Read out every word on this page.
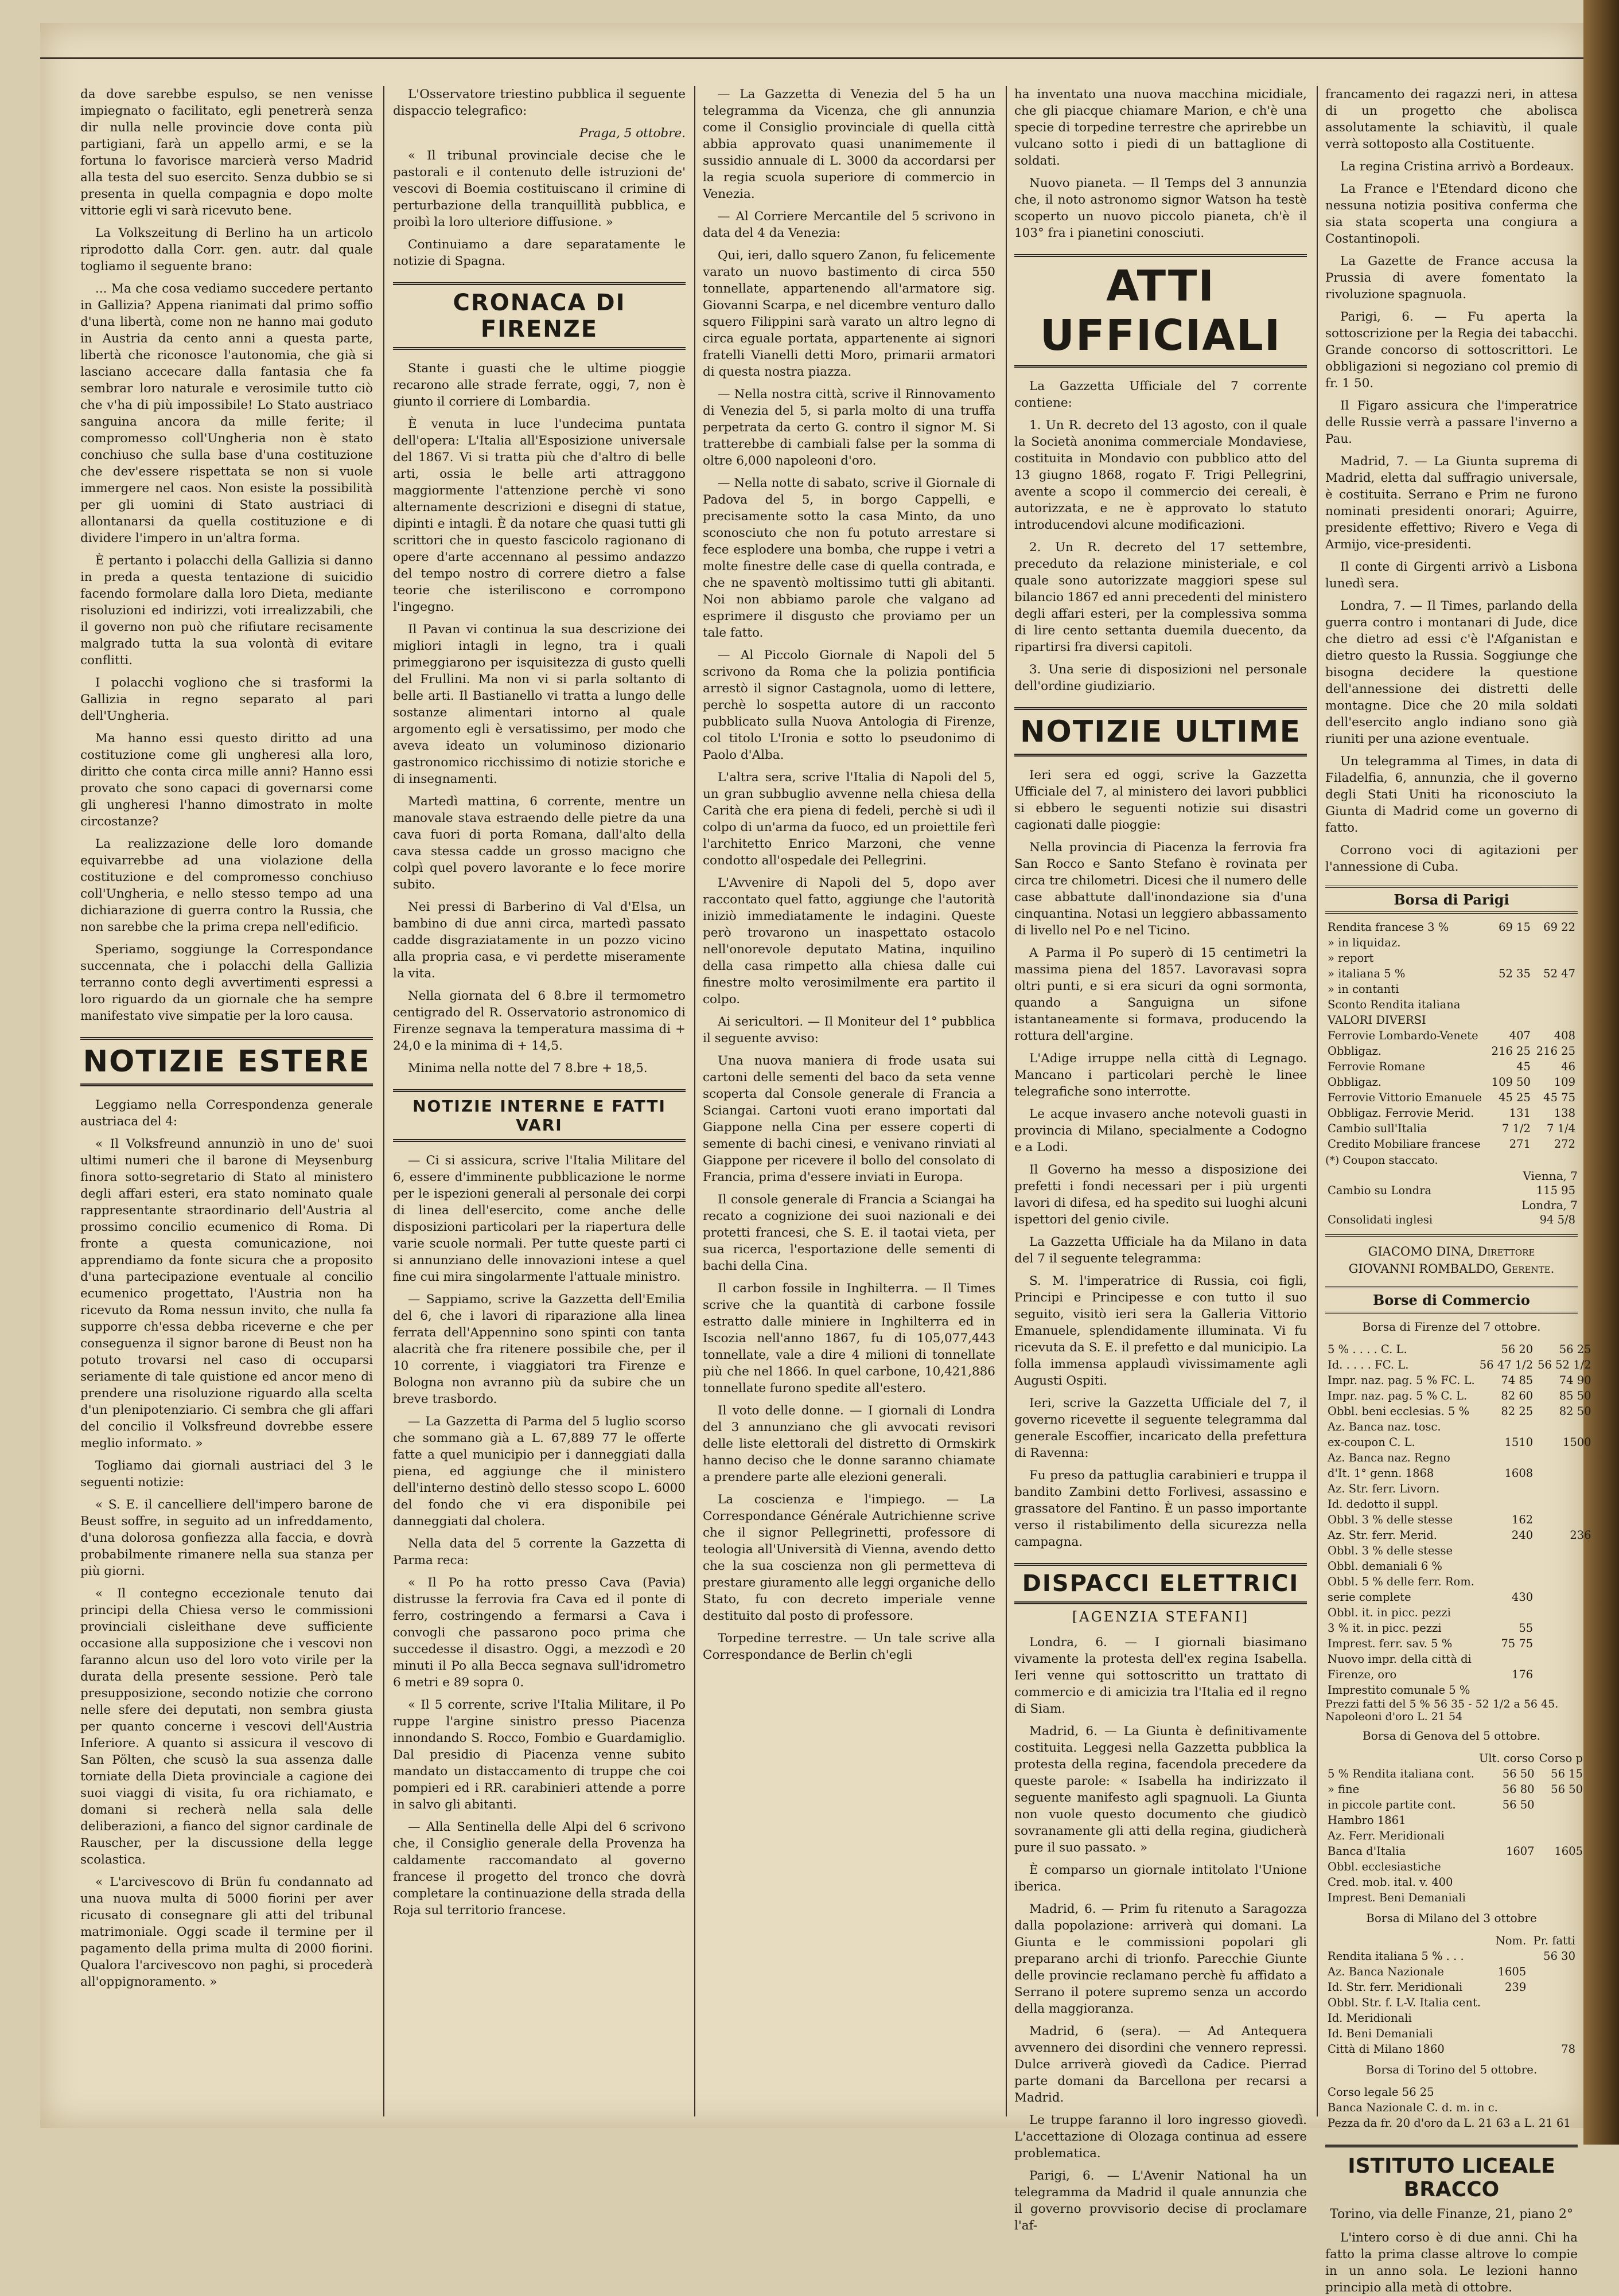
da dove sarebbe espulso, se nen venisse impiegnato o facilitato, egli penetrerà senza dir nulla nelle provincie dove conta più partigiani, farà un appello armi, e se la fortuna lo favorisce marcierà verso Madrid alla testa del suo esercito. Senza dubbio se si presenta in quella compagnia e dopo molte vittorie egli vi sarà ricevuto bene.

La Volkszeitung di Berlino ha un articolo riprodotto dalla Corr. gen. autr. dal quale togliamo il seguente brano:

... Ma che cosa vediamo succedere pertanto in Gallizia? Appena rianimati dal primo soffio d'una libertà, come non ne hanno mai goduto in Austria da cento anni a questa parte, libertà che riconosce l'autonomia, che già si lasciano accecare dalla fantasia che fa sembrar loro naturale e verosimile tutto ciò che v'ha di più impossibile! Lo Stato austriaco sanguina ancora da mille ferite; il compromesso coll'Ungheria non è stato conchiuso che sulla base d'una costituzione che dev'essere rispettata se non si vuole immergere nel caos. Non esiste la possibilità per gli uomini di Stato austriaci di allontanarsi da quella costituzione e di dividere l'impero in un'altra forma.

È pertanto i polacchi della Gallizia si danno in preda a questa tentazione di suicidio facendo formolare dalla loro Dieta, mediante risoluzioni ed indirizzi, voti irrealizzabili, che il governo non può che rifiutare recisamente malgrado tutta la sua volontà di evitare conflitti.

I polacchi vogliono che si trasformi la Gallizia in regno separato al pari dell'Ungheria.

Ma hanno essi questo diritto ad una costituzione come gli ungheresi alla loro, diritto che conta circa mille anni? Hanno essi provato che sono capaci di governarsi come gli ungheresi l'hanno dimostrato in molte circostanze?

La realizzazione delle loro domande equivarrebbe ad una violazione della costituzione e del compromesso conchiuso coll'Ungheria, e nello stesso tempo ad una dichiarazione di guerra contro la Russia, che non sarebbe che la prima crepa nell'edificio.

Speriamo, soggiunge la Correspondance succennata, che i polacchi della Gallizia terranno conto degli avvertimenti espressi a loro riguardo da un giornale che ha sempre manifestato vive simpatie per la loro causa.

NOTIZIE ESTERE

Leggiamo nella Correspondenza generale austriaca del 4:

« Il Volksfreund annunziò in uno de' suoi ultimi numeri che il barone di Meysenburg finora sotto-segretario di Stato al ministero degli affari esteri, era stato nominato quale rappresentante straordinario dell'Austria al prossimo concilio ecumenico di Roma. Di fronte a questa comunicazione, noi apprendiamo da fonte sicura che a proposito d'una partecipazione eventuale al concilio ecumenico progettato, l'Austria non ha ricevuto da Roma nessun invito, che nulla fa supporre ch'essa debba riceverne e che per conseguenza il signor barone di Beust non ha potuto trovarsi nel caso di occuparsi seriamente di tale quistione ed ancor meno di prendere una risoluzione riguardo alla scelta d'un plenipotenziario. Ci sembra che gli affari del concilio il Volksfreund dovrebbe essere meglio informato. »

Togliamo dai giornali austriaci del 3 le seguenti notizie:

« S. E. il cancelliere dell'impero barone de Beust soffre, in seguito ad un infreddamento, d'una dolorosa gonfiezza alla faccia, e dovrà probabilmente rimanere nella sua stanza per più giorni.

« Il contegno eccezionale tenuto dai principi della Chiesa verso le commissioni provinciali cisleithane deve sufficiente occasione alla supposizione che i vescovi non faranno alcun uso del loro voto virile per la durata della presente sessione. Però tale presupposizione, secondo notizie che corrono nelle sfere dei deputati, non sembra giusta per quanto concerne i vescovi dell'Austria Inferiore. A quanto si assicura il vescovo di San Pölten, che scusò la sua assenza dalle torniate della Dieta provinciale a cagione dei suoi viaggi di visita, fu ora richiamato, e domani si recherà nella sala delle deliberazioni, a fianco del signor cardinale de Rauscher, per la discussione della legge scolastica.

« L'arcivescovo di Brün fu condannato ad una nuova multa di 5000 fiorini per aver ricusato di consegnare gli atti del tribunal matrimoniale. Oggi scade il termine per il pagamento della prima multa di 2000 fiorini. Qualora l'arcivescovo non paghi, si procederà all'oppignoramento. »

L'Osservatore triestino pubblica il seguente dispaccio telegrafico:

Praga, 5 ottobre.

« Il tribunal provinciale decise che le pastorali e il contenuto delle istruzioni de' vescovi di Boemia costituiscano il crimine di perturbazione della tranquillità pubblica, e proibì la loro ulteriore diffusione. »

Continuiamo a dare separatamente le notizie di Spagna.

CRONACA DI FIRENZE

Stante i guasti che le ultime pioggie recarono alle strade ferrate, oggi, 7, non è giunto il corriere di Lombardia.

È venuta in luce l'undecima puntata dell'opera: L'Italia all'Esposizione universale del 1867. Vi si tratta più che d'altro di belle arti, ossia le belle arti attraggono maggiormente l'attenzione perchè vi sono alternamente descrizioni e disegni di statue, dipinti e intagli. È da notare che quasi tutti gli scrittori che in questo fascicolo ragionano di opere d'arte accennano al pessimo andazzo del tempo nostro di correre dietro a false teorie che isteriliscono e corrompono l'ingegno.

Il Pavan vi continua la sua descrizione dei migliori intagli in legno, tra i quali primeggiarono per isquisitezza di gusto quelli del Frullini. Ma non vi si parla soltanto di belle arti. Il Bastianello vi tratta a lungo delle sostanze alimentari intorno al quale argomento egli è versatissimo, per modo che aveva ideato un voluminoso dizionario gastronomico ricchissimo di notizie storiche e di insegnamenti.

Martedì mattina, 6 corrente, mentre un manovale stava estraendo delle pietre da una cava fuori di porta Romana, dall'alto della cava stessa cadde un grosso macigno che colpì quel povero lavorante e lo fece morire subito.

Nei pressi di Barberino di Val d'Elsa, un bambino di due anni circa, martedì passato cadde disgraziatamente in un pozzo vicino alla propria casa, e vi perdette miseramente la vita.

Nella giornata del 6 8.bre il termometro centigrado del R. Osservatorio astronomico di Firenze segnava la temperatura massima di + 24,0 e la minima di + 14,5.

Minima nella notte del 7 8.bre + 18,5.

NOTIZIE INTERNE E FATTI VARI

— Ci si assicura, scrive l'Italia Militare del 6, essere d'imminente pubblicazione le norme per le ispezioni generali al personale dei corpi di linea dell'esercito, come anche delle disposizioni particolari per la riapertura delle varie scuole normali. Per tutte queste parti ci si annunziano delle innovazioni intese a quel fine cui mira singolarmente l'attuale ministro.

— Sappiamo, scrive la Gazzetta dell'Emilia del 6, che i lavori di riparazione alla linea ferrata dell'Appennino sono spinti con tanta alacrità che fra ritenere possibile che, per il 10 corrente, i viaggiatori tra Firenze e Bologna non avranno più da subire che un breve trasbordo.

— La Gazzetta di Parma del 5 luglio scorso che sommano già a L. 67,889 77 le offerte fatte a quel municipio per i danneggiati dalla piena, ed aggiunge che il ministero dell'interno destinò dello stesso scopo L. 6000 del fondo che vi era disponibile pei danneggiati dal cholera.

Nella data del 5 corrente la Gazzetta di Parma reca:

« Il Po ha rotto presso Cava (Pavia) distrusse la ferrovia fra Cava ed il ponte di ferro, costringendo a fermarsi a Cava i convogli che passarono poco prima che succedesse il disastro. Oggi, a mezzodì e 20 minuti il Po alla Becca segnava sull'idrometro 6 metri e 89 sopra 0.

« Il 5 corrente, scrive l'Italia Militare, il Po ruppe l'argine sinistro presso Piacenza innondando S. Rocco, Fombio e Guardamiglio. Dal presidio di Piacenza venne subito mandato un distaccamento di truppe che coi pompieri ed i RR. carabinieri attende a porre in salvo gli abitanti.

— Alla Sentinella delle Alpi del 6 scrivono che, il Consiglio generale della Provenza ha caldamente raccomandato al governo francese il progetto del tronco che dovrà completare la continuazione della strada della Roja sul territorio francese.

— La Gazzetta di Venezia del 5 ha un telegramma da Vicenza, che gli annunzia come il Consiglio provinciale di quella città abbia approvato quasi unanimemente il sussidio annuale di L. 3000 da accordarsi per la regia scuola superiore di commercio in Venezia.

— Al Corriere Mercantile del 5 scrivono in data del 4 da Venezia:

Qui, ieri, dallo squero Zanon, fu felicemente varato un nuovo bastimento di circa 550 tonnellate, appartenendo all'armatore sig. Giovanni Scarpa, e nel dicembre venturo dallo squero Filippini sarà varato un altro legno di circa eguale portata, appartenente ai signori fratelli Vianelli detti Moro, primarii armatori di questa nostra piazza.

— Nella nostra città, scrive il Rinnovamento di Venezia del 5, si parla molto di una truffa perpetrata da certo G. contro il signor M. Si tratterebbe di cambiali false per la somma di oltre 6,000 napoleoni d'oro.

— Nella notte di sabato, scrive il Giornale di Padova del 5, in borgo Cappelli, e precisamente sotto la casa Minto, da uno sconosciuto che non fu potuto arrestare si fece esplodere una bomba, che ruppe i vetri a molte finestre delle case di quella contrada, e che ne spaventò moltissimo tutti gli abitanti. Noi non abbiamo parole che valgano ad esprimere il disgusto che proviamo per un tale fatto.

— Al Piccolo Giornale di Napoli del 5 scrivono da Roma che la polizia pontificia arrestò il signor Castagnola, uomo di lettere, perchè lo sospetta autore di un racconto pubblicato sulla Nuova Antologia di Firenze, col titolo L'Ironia e sotto lo pseudonimo di Paolo d'Alba.

L'altra sera, scrive l'Italia di Napoli del 5, un gran subbuglio avvenne nella chiesa della Carità che era piena di fedeli, perchè si udì il colpo di un'arma da fuoco, ed un proiettile ferì l'architetto Enrico Marzoni, che venne condotto all'ospedale dei Pellegrini.

L'Avvenire di Napoli del 5, dopo aver raccontato quel fatto, aggiunge che l'autorità iniziò immediatamente le indagini. Queste però trovarono un inaspettato ostacolo nell'onorevole deputato Matina, inquilino della casa rimpetto alla chiesa dalle cui finestre molto verosimilmente era partito il colpo.

Ai sericultori. — Il Moniteur del 1° pubblica il seguente avviso:

Una nuova maniera di frode usata sui cartoni delle sementi del baco da seta venne scoperta dal Console generale di Francia a Sciangai. Cartoni vuoti erano importati dal Giappone nella Cina per essere coperti di semente di bachi cinesi, e venivano rinviati al Giappone per ricevere il bollo del consolato di Francia, prima d'essere inviati in Europa.

Il console generale di Francia a Sciangai ha recato a cognizione dei suoi nazionali e dei protetti francesi, che S. E. il taotai vieta, per sua ricerca, l'esportazione delle sementi di bachi della Cina.

Il carbon fossile in Inghilterra. — Il Times scrive che la quantità di carbone fossile estratto dalle miniere in Inghilterra ed in Iscozia nell'anno 1867, fu di 105,077,443 tonnellate, vale a dire 4 milioni di tonnellate più che nel 1866. In quel carbone, 10,421,886 tonnellate furono spedite all'estero.

Il voto delle donne. — I giornali di Londra del 3 annunziano che gli avvocati revisori delle liste elettorali del distretto di Ormskirk hanno deciso che le donne saranno chiamate a prendere parte alle elezioni generali.

La coscienza e l'impiego. — La Correspondance Générale Autrichienne scrive che il signor Pellegrinetti, professore di teologia all'Università di Vienna, avendo detto che la sua coscienza non gli permetteva di prestare giuramento alle leggi organiche dello Stato, fu con decreto imperiale venne destituito dal posto di professore.

Torpedine terrestre. — Un tale scrive alla Correspondance de Berlin ch'egli

ha inventato una nuova macchina micidiale, che gli piacque chiamare Marion, e ch'è una specie di torpedine terrestre che aprirebbe un vulcano sotto i piedi di un battaglione di soldati.

Nuovo pianeta. — Il Temps del 3 annunzia che, il noto astronomo signor Watson ha testè scoperto un nuovo piccolo pianeta, ch'è il 103° fra i pianetini conosciuti.

ATTI UFFICIALI

La Gazzetta Ufficiale del 7 corrente contiene:

1. Un R. decreto del 13 agosto, con il quale la Società anonima commerciale Mondaviese, costituita in Mondavio con pubblico atto del 13 giugno 1868, rogato F. Trigi Pellegrini, avente a scopo il commercio dei cereali, è autorizzata, e ne è approvato lo statuto introducendovi alcune modificazioni.

2. Un R. decreto del 17 settembre, preceduto da relazione ministeriale, e col quale sono autorizzate maggiori spese sul bilancio 1867 ed anni precedenti del ministero degli affari esteri, per la complessiva somma di lire cento settanta duemila duecento, da ripartirsi fra diversi capitoli.

3. Una serie di disposizioni nel personale dell'ordine giudiziario.

NOTIZIE ULTIME

Ieri sera ed oggi, scrive la Gazzetta Ufficiale del 7, al ministero dei lavori pubblici si ebbero le seguenti notizie sui disastri cagionati dalle pioggie:

Nella provincia di Piacenza la ferrovia fra San Rocco e Santo Stefano è rovinata per circa tre chilometri. Dicesi che il numero delle case abbattute dall'inondazione sia d'una cinquantina. Notasi un leggiero abbassamento di livello nel Po e nel Ticino.

A Parma il Po superò di 15 centimetri la massima piena del 1857. Lavoravasi sopra oltri punti, e si era sicuri da ogni sormonta, quando a Sanguigna un sifone istantaneamente si formava, producendo la rottura dell'argine.

L'Adige irruppe nella città di Legnago. Mancano i particolari perchè le linee telegrafiche sono interrotte.

Le acque invasero anche notevoli guasti in provincia di Milano, specialmente a Codogno e a Lodi.

Il Governo ha messo a disposizione dei prefetti i fondi necessari per i più urgenti lavori di difesa, ed ha spedito sui luoghi alcuni ispettori del genio civile.

La Gazzetta Ufficiale ha da Milano in data del 7 il seguente telegramma:

S. M. l'imperatrice di Russia, coi figli, Principi e Principesse e con tutto il suo seguito, visitò ieri sera la Galleria Vittorio Emanuele, splendidamente illuminata. Vi fu ricevuta da S. E. il prefetto e dal municipio. La folla immensa applaudì vivissimamente agli Augusti Ospiti.

Ieri, scrive la Gazzetta Ufficiale del 7, il governo ricevette il seguente telegramma dal generale Escoffier, incaricato della prefettura di Ravenna:

Fu preso da pattuglia carabinieri e truppa il bandito Zambini detto Forlivesi, assassino e grassatore del Fantino. È un passo importante verso il ristabilimento della sicurezza nella campagna.

DISPACCI ELETTRICI
[AGENZIA STEFANI]

Londra, 6. — I giornali biasimano vivamente la protesta dell'ex regina Isabella. Ieri venne qui sottoscritto un trattato di commercio e di amicizia tra l'Italia ed il regno di Siam.

Madrid, 6. — La Giunta è definitivamente costituita. Leggesi nella Gazzetta pubblica la protesta della regina, facendola precedere da queste parole: « Isabella ha indirizzato il seguente manifesto agli spagnuoli. La Giunta non vuole questo documento che giudicò sovranamente gli atti della regina, giudicherà pure il suo passato. »

È comparso un giornale intitolato l'Unione iberica.

Madrid, 6. — Prim fu ritenuto a Saragozza dalla popolazione: arriverà qui domani. La Giunta e le commissioni popolari gli preparano archi di trionfo. Parecchie Giunte delle provincie reclamano perchè fu affidato a Serrano il potere supremo senza un accordo della maggioranza.

Madrid, 6 (sera). — Ad Antequera avvennero dei disordini che vennero repressi. Dulce arriverà giovedì da Cadice. Pierrad parte domani da Barcellona per recarsi a Madrid.

Le truppe faranno il loro ingresso giovedì. L'accettazione di Olozaga continua ad essere problematica.

Parigi, 6. — L'Avenir National ha un telegramma da Madrid il quale annunzia che il governo provvisorio decise di proclamare l'af-

francamento dei ragazzi neri, in attesa di un progetto che abolisca assolutamente la schiavitù, il quale verrà sottoposto alla Costituente.

La regina Cristina arrivò a Bordeaux.

La France e l'Etendard dicono che nessuna notizia positiva conferma che sia stata scoperta una congiura a Costantinopoli.

La Gazette de France accusa la Prussia di avere fomentato la rivoluzione spagnuola.

Parigi, 6. — Fu aperta la sottoscrizione per la Regia dei tabacchi. Grande concorso di sottoscrittori. Le obbligazioni si negoziano col premio di fr. 1 50.

Il Figaro assicura che l'imperatrice delle Russie verrà a passare l'inverno a Pau.

Madrid, 7. — La Giunta suprema di Madrid, eletta dal suffragio universale, è costituita. Serrano e Prim ne furono nominati presidenti onorari; Aguirre, presidente effettivo; Rivero e Vega di Armijo, vice-presidenti.

Il conte di Girgenti arrivò a Lisbona lunedì sera.

Londra, 7. — Il Times, parlando della guerra contro i montanari di Jude, dice che dietro ad essi c'è l'Afganistan e dietro questo la Russia. Soggiunge che bisogna decidere la questione dell'annessione dei distretti delle montagne. Dice che 20 mila soldati dell'esercito anglo indiano sono già riuniti per una azione eventuale.

Un telegramma al Times, in data di Filadelfia, 6, annunzia, che il governo degli Stati Uniti ha riconosciuto la Giunta di Madrid come un governo di fatto.

Corrono voci di agitazioni per l'annessione di Cuba.

Borsa di Parigi
Rendita francese 3 %	69 15	69 22
» in liquidaz.		
» report		
» italiana 5 %	52 35	52 47
» in contanti		
Sconto Rendita italiana		
VALORI DIVERSI		
Ferrovie Lombardo-Venete	407	408
Obbligaz.	216 25	216 25
Ferrovie Romane	45	46
Obbligaz.	109 50	109
Ferrovie Vittorio Emanuele	45 25	45 75
Obbligaz. Ferrovie Merid.	131	138
Cambio sull'Italia	7 1/2	7 1/4
Credito Mobiliare francese	271	272
(*) Coupon staccato.
Vienna, 7
Cambio su Londra	115 95
Londra, 7
Consolidati inglesi	94 5/8
GIACOMO DINA, Direttore
GIOVANNI ROMBALDO, Gerente.
Borse di Commercio
Borsa di Firenze del 7 ottobre.
5 % . . . . C. L.	56 20	56 25
Id. . . . . FC. L.	56 47 1/2	56 52 1/2
Impr. naz. pag. 5 % FC. L.	74 85	74 90
Impr. naz. pag. 5 % C. L.	82 60	85 50
Obbl. beni ecclesias. 5 %	82 25	82 50
Az. Banca naz. tosc.		
ex-coupon C. L.	1510	1500
Az. Banca naz. Regno		
d'It. 1° genn. 1868	1608	
Az. Str. ferr. Livorn.		
Id. dedotto il suppl.		
Obbl. 3 % delle stesse	162	
Az. Str. ferr. Merid.	240	236
Obbl. 3 % delle stesse		
Obbl. demaniali 6 %		
Obbl. 5 % delle ferr. Rom.		
serie complete	430	
Obbl. it. in picc. pezzi		
3 % it. in picc. pezzi	55	
Imprest. ferr. sav. 5 %	75 75	
Nuovo impr. della città di		
Firenze, oro	176	
Imprestito comunale 5 %		
Prezzi fatti del 5 % 56 35 - 52 1/2 a 56 45.
Napoleoni d'oro L. 21 54
Borsa di Genova del 5 ottobre.
	Ult. corso	Corso p
5 % Rendita italiana cont.	56 50	56 15
» fine	56 80	56 50
in piccole partite cont.	56 50	
Hambro 1861		
Az. Ferr. Meridionali		
Banca d'Italia	1607	1605
Obbl. ecclesiastiche		
Cred. mob. ital. v. 400		
Imprest. Beni Demaniali		
Borsa di Milano del 3 ottobre
	Nom.	Pr. fatti
Rendita italiana 5 % . . .		56 30
Az. Banca Nazionale	1605	
Id. Str. ferr. Meridionali	239	
Obbl. Str. f. L-V. Italia cent.		
Id. Meridionali		
Id. Beni Demaniali		
Città di Milano 1860		78
Borsa di Torino del 5 ottobre.
Corso legale 56 25	
Banca Nazionale C. d. m. in c.	
Pezza da fr. 20 d'oro da L. 21 63 a L. 21 61	
ISTITUTO LICEALE BRACCO
Torino, via delle Finanze, 21, piano 2°

L'intero corso è di due anni. Chi ha fatto la prima classe altrove lo compie in un anno sola. Le lezioni hanno principio alla metà di ottobre.
